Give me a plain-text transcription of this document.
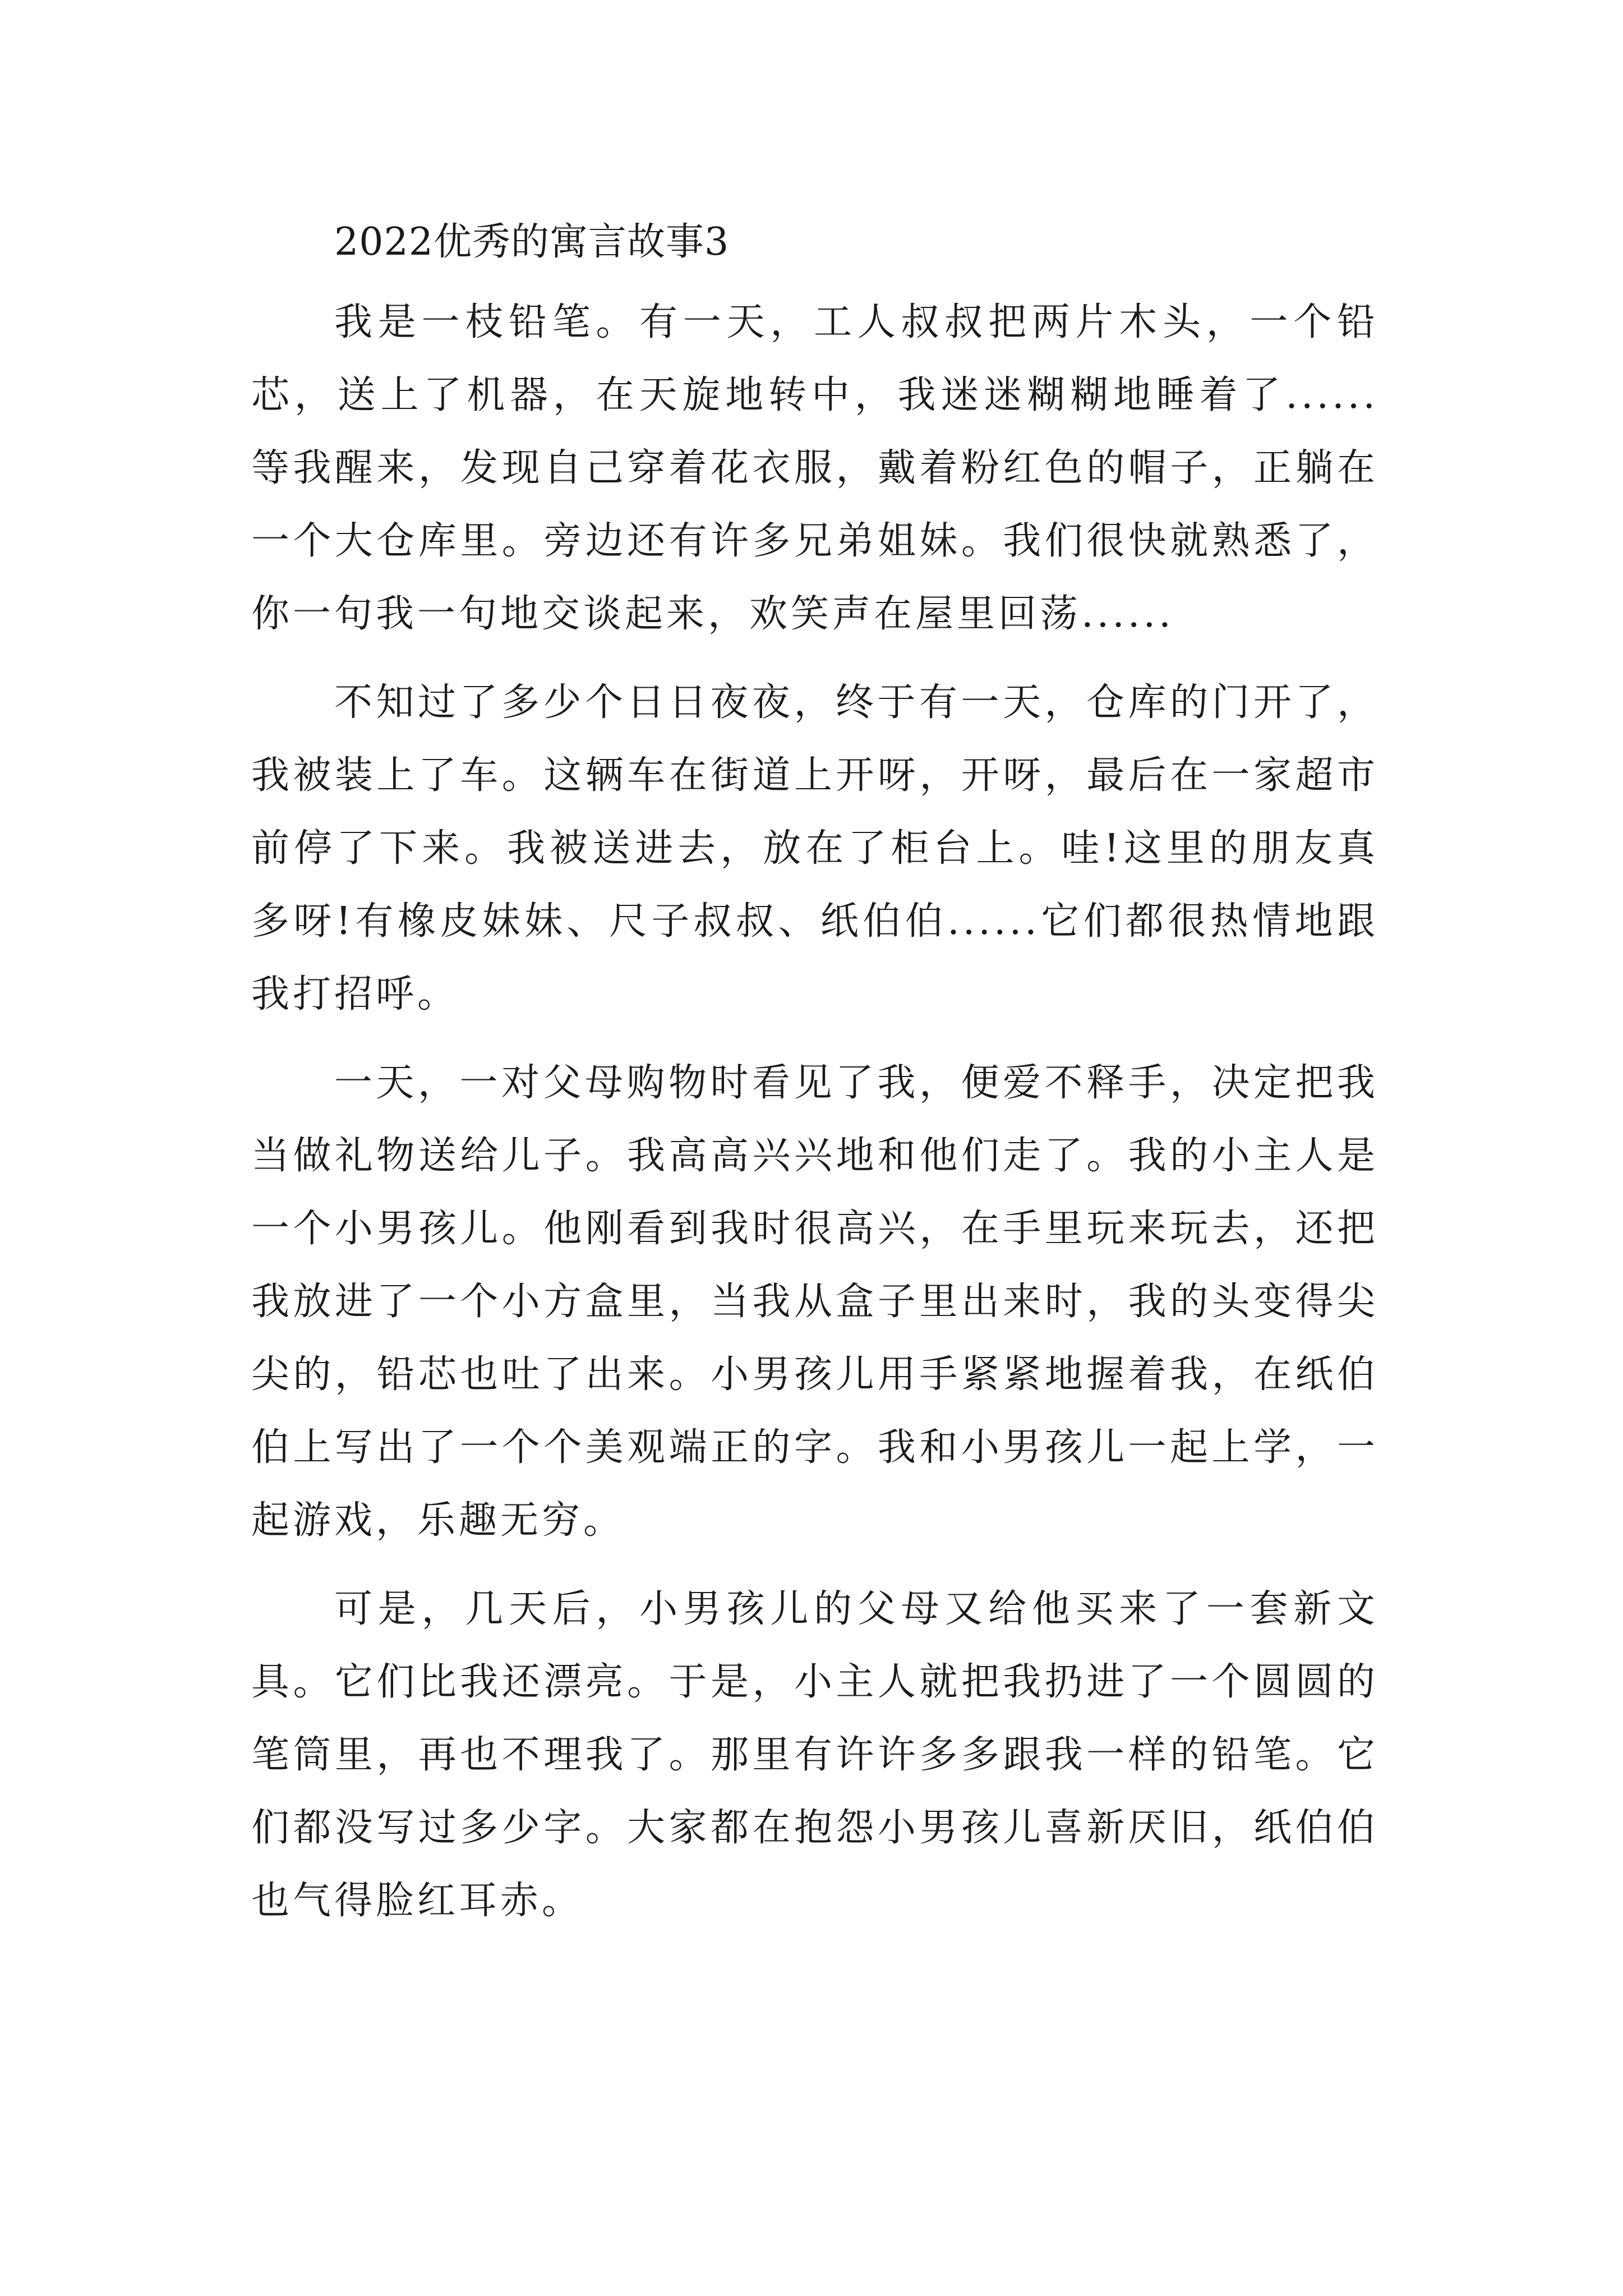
2022优秀的寓言故事3

我是一枝铅笔。有一天，工人叔叔把两片木头，一个铅芯，送上了机器，在天旋地转中，我迷迷糊糊地睡着了......等我醒来，发现自己穿着花衣服，戴着粉红色的帽子，正躺在一个大仓库里。旁边还有许多兄弟姐妹。我们很快就熟悉了，你一句我一句地交谈起来，欢笑声在屋里回荡......

不知过了多少个日日夜夜，终于有一天，仓库的门开了，我被装上了车。这辆车在街道上开呀，开呀，最后在一家超市前停了下来。我被送进去，放在了柜台上。哇!这里的朋友真多呀!有橡皮妹妹、尺子叔叔、纸伯伯......它们都很热情地跟我打招呼。

一天，一对父母购物时看见了我，便爱不释手，决定把我当做礼物送给儿子。我高高兴兴地和他们走了。我的小主人是一个小男孩儿。他刚看到我时很高兴，在手里玩来玩去，还把我放进了一个小方盒里，当我从盒子里出来时，我的头变得尖尖的，铅芯也吐了出来。小男孩儿用手紧紧地握着我，在纸伯伯上写出了一个个美观端正的字。我和小男孩儿一起上学，一起游戏，乐趣无穷。

可是，几天后，小男孩儿的父母又给他买来了一套新文具。它们比我还漂亮。于是，小主人就把我扔进了一个圆圆的笔筒里，再也不理我了。那里有许许多多跟我一样的铅笔。它们都没写过多少字。大家都在抱怨小男孩儿喜新厌旧，纸伯伯也气得脸红耳赤。
